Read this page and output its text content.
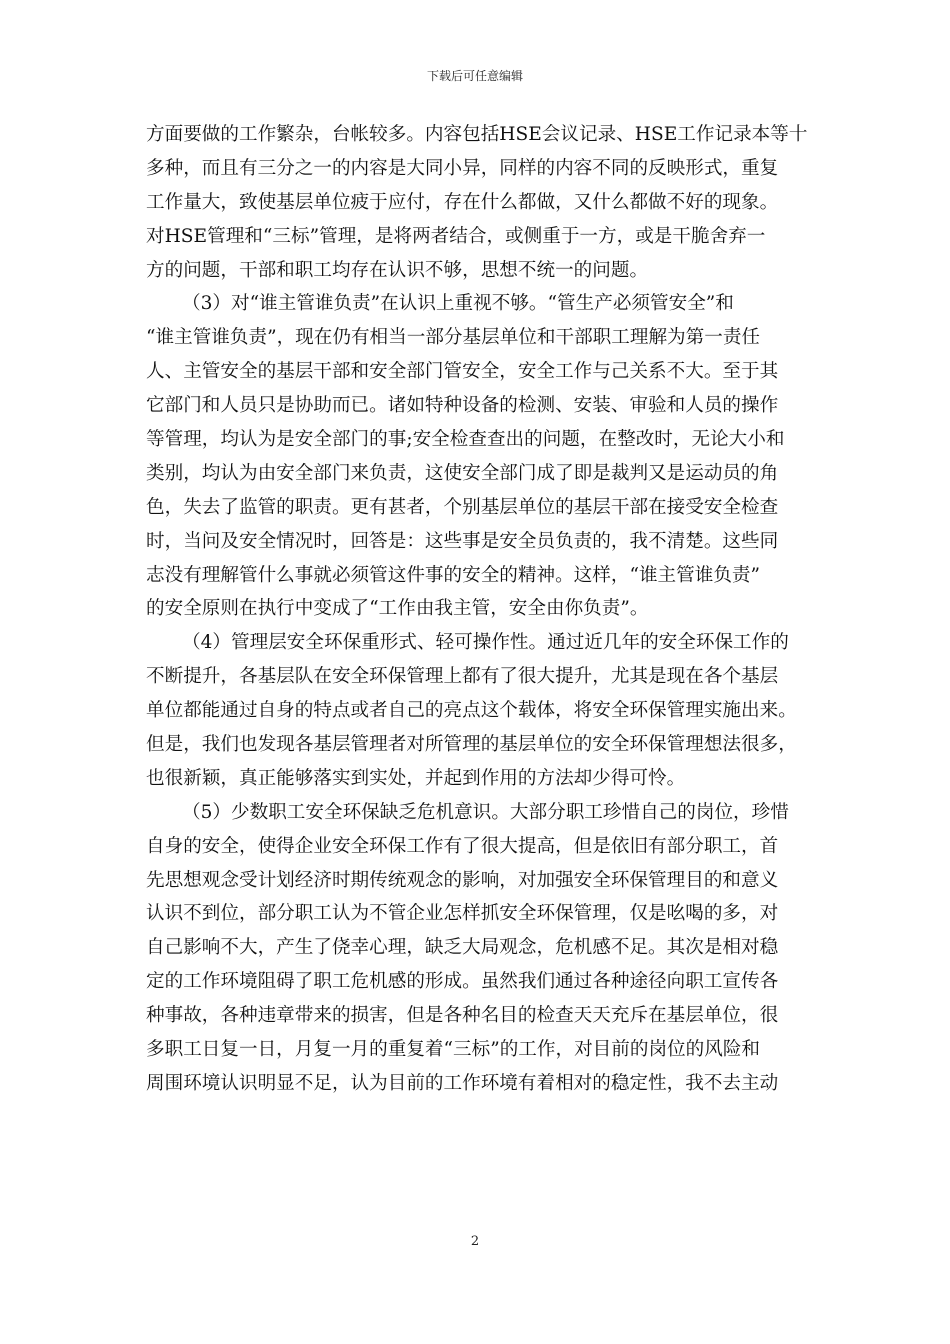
下载后可任意编辑
方面要做的工作繁杂，台帐较多。内容包括HSE会议记录、HSE工作记录本等十
多种，而且有三分之一的内容是大同小异，同样的内容不同的反映形式，重复
工作量大，致使基层单位疲于应付，存在什么都做，又什么都做不好的现象。
对HSE管理和“三标”管理，是将两者结合，或侧重于一方，或是干脆舍弃一
方的问题，干部和职工均存在认识不够，思想不统一的问题。
（3）对“谁主管谁负责”在认识上重视不够。“管生产必须管安全”和
“谁主管谁负责”，现在仍有相当一部分基层单位和干部职工理解为第一责任
人、主管安全的基层干部和安全部门管安全，安全工作与己关系不大。至于其
它部门和人员只是协助而已。诸如特种设备的检测、安装、审验和人员的操作
等管理，均认为是安全部门的事;安全检查查出的问题，在整改时，无论大小和
类别，均认为由安全部门来负责，这使安全部门成了即是裁判又是运动员的角
色，失去了监管的职责。更有甚者，个别基层单位的基层干部在接受安全检查
时，当问及安全情况时，回答是：这些事是安全员负责的，我不清楚。这些同
志没有理解管什么事就必须管这件事的安全的精神。这样，“谁主管谁负责”
的安全原则在执行中变成了“工作由我主管，安全由你负责”。
（4）管理层安全环保重形式、轻可操作性。通过近几年的安全环保工作的
不断提升，各基层队在安全环保管理上都有了很大提升，尤其是现在各个基层
单位都能通过自身的特点或者自己的亮点这个载体，将安全环保管理实施出来。
但是，我们也发现各基层管理者对所管理的基层单位的安全环保管理想法很多，
也很新颖，真正能够落实到实处，并起到作用的方法却少得可怜。
（5）少数职工安全环保缺乏危机意识。大部分职工珍惜自己的岗位，珍惜
自身的安全，使得企业安全环保工作有了很大提高，但是依旧有部分职工，首
先思想观念受计划经济时期传统观念的影响，对加强安全环保管理目的和意义
认识不到位，部分职工认为不管企业怎样抓安全环保管理，仅是吆喝的多，对
自己影响不大，产生了侥幸心理，缺乏大局观念，危机感不足。其次是相对稳
定的工作环境阻碍了职工危机感的形成。虽然我们通过各种途径向职工宣传各
种事故，各种违章带来的损害，但是各种名目的检查天天充斥在基层单位，很
多职工日复一日，月复一月的重复着“三标”的工作，对目前的岗位的风险和
周围环境认识明显不足，认为目前的工作环境有着相对的稳定性，我不去主动
2
